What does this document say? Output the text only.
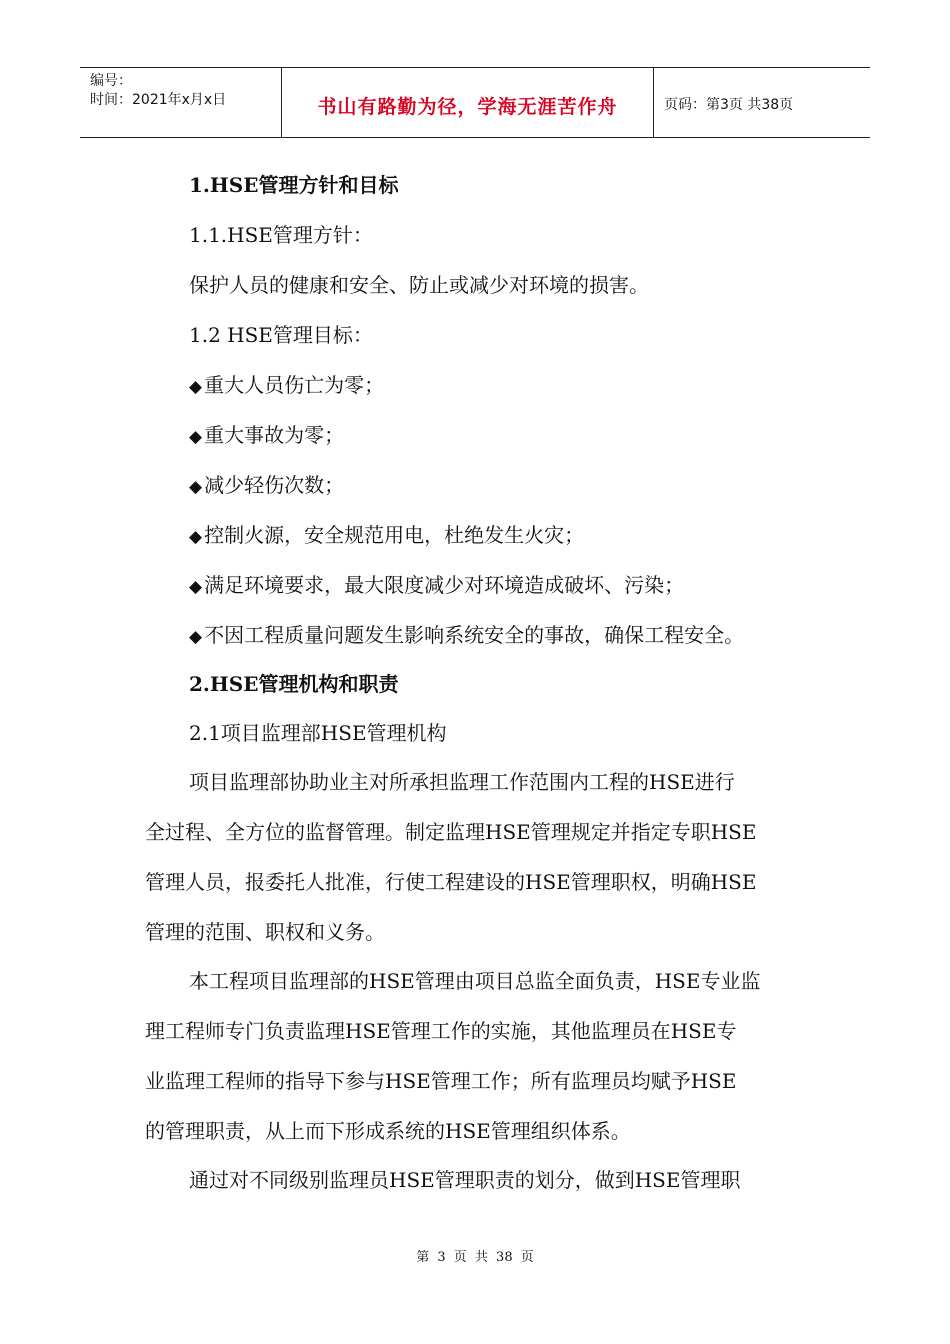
编号：
时间：2021年x月x日	书山有路勤为径，学海无涯苦作舟	页码：第3页 共38页
1.HSE管理方针和目标
1.1.HSE管理方针：
保护人员的健康和安全、防止或减少对环境的损害。
1.2 HSE管理目标：
◆ 重大人员伤亡为零；
◆ 重大事故为零；
◆ 减少轻伤次数；
◆ 控制火源，安全规范用电，杜绝发生火灾；
◆ 满足环境要求，最大限度减少对环境造成破坏、污染；
◆ 不因工程质量问题发生影响系统安全的事故，确保工程安全。
2.HSE管理机构和职责
2.1项目监理部HSE管理机构
项目监理部协助业主对所承担监理工作范围内工程的HSE进行
全过程、全方位的监督管理。制定监理HSE管理规定并指定专职HSE
管理人员，报委托人批准，行使工程建设的HSE管理职权，明确HSE
管理的范围、职权和义务。
本工程项目监理部的HSE管理由项目总监全面负责，HSE专业监
理工程师专门负责监理HSE管理工作的实施，其他监理员在HSE专
业监理工程师的指导下参与HSE管理工作；所有监理员均赋予HSE
的管理职责，从上而下形成系统的HSE管理组织体系。
通过对不同级别监理员HSE管理职责的划分，做到HSE管理职
第 3 页 共 38 页
